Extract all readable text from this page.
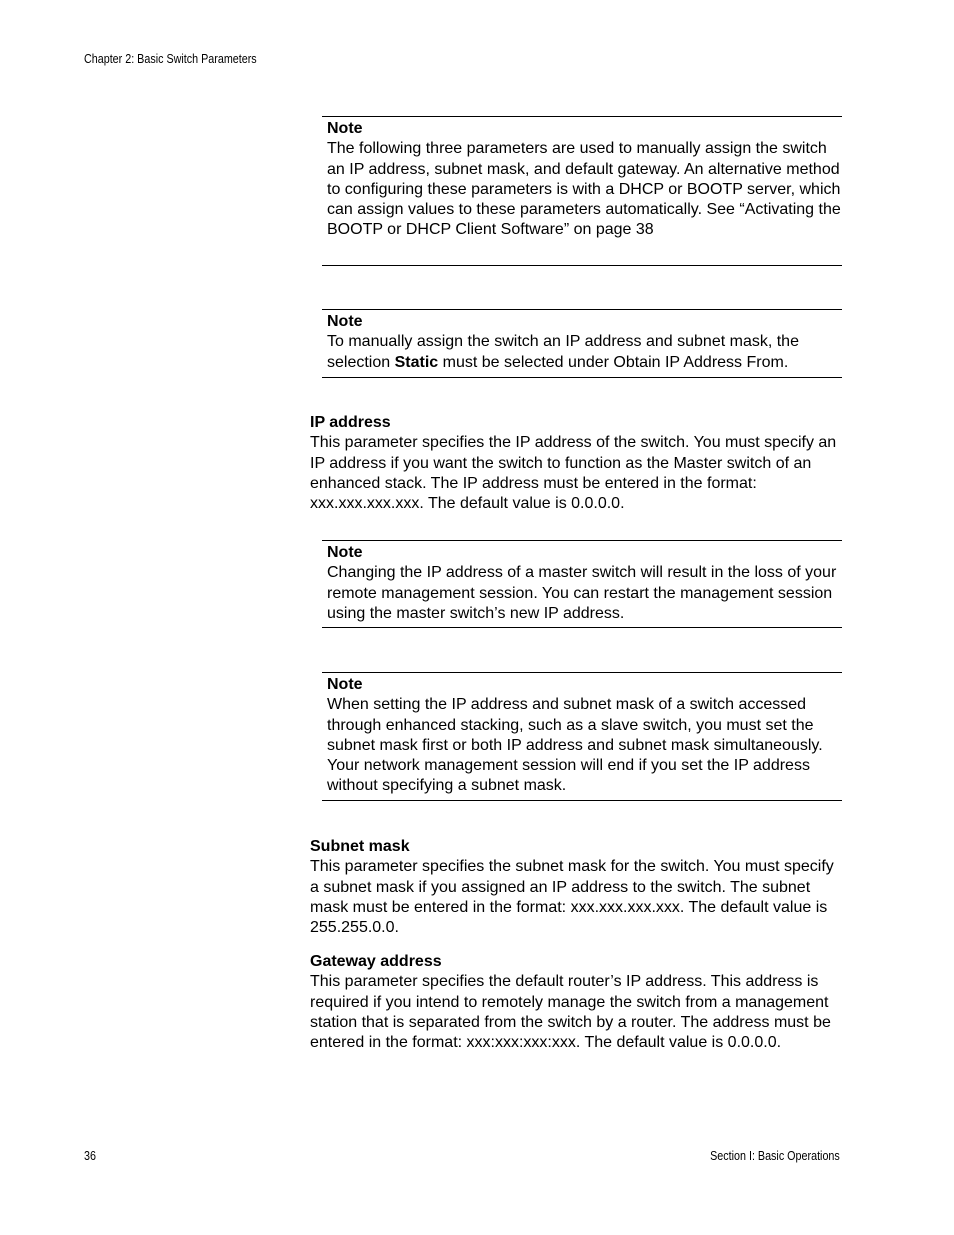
Chapter 2: Basic Switch Parameters
Note
The following three parameters are used to manually assign the switch an IP address, subnet mask, and default gateway. An alternative method to configuring these parameters is with a DHCP or BOOTP server, which can assign values to these parameters automatically. See “Activating the BOOTP or DHCP Client Software” on page 38
Note
To manually assign the switch an IP address and subnet mask, the selection Static must be selected under Obtain IP Address From.
IP address
This parameter specifies the IP address of the switch. You must specify an IP address if you want the switch to function as the Master switch of an enhanced stack. The IP address must be entered in the format: xxx.xxx.xxx.xxx. The default value is 0.0.0.0.
Note
Changing the IP address of a master switch will result in the loss of your remote management session. You can restart the management session using the master switch’s new IP address.
Note
When setting the IP address and subnet mask of a switch accessed through enhanced stacking, such as a slave switch, you must set the subnet mask first or both IP address and subnet mask simultaneously. Your network management session will end if you set the IP address without specifying a subnet mask.
Subnet mask
This parameter specifies the subnet mask for the switch. You must specify a subnet mask if you assigned an IP address to the switch. The subnet mask must be entered in the format: xxx.xxx.xxx.xxx. The default value is 255.255.0.0.
Gateway address
This parameter specifies the default router’s IP address. This address is required if you intend to remotely manage the switch from a management station that is separated from the switch by a router. The address must be entered in the format: xxx:xxx:xxx:xxx. The default value is 0.0.0.0.
36	Section I: Basic Operations
